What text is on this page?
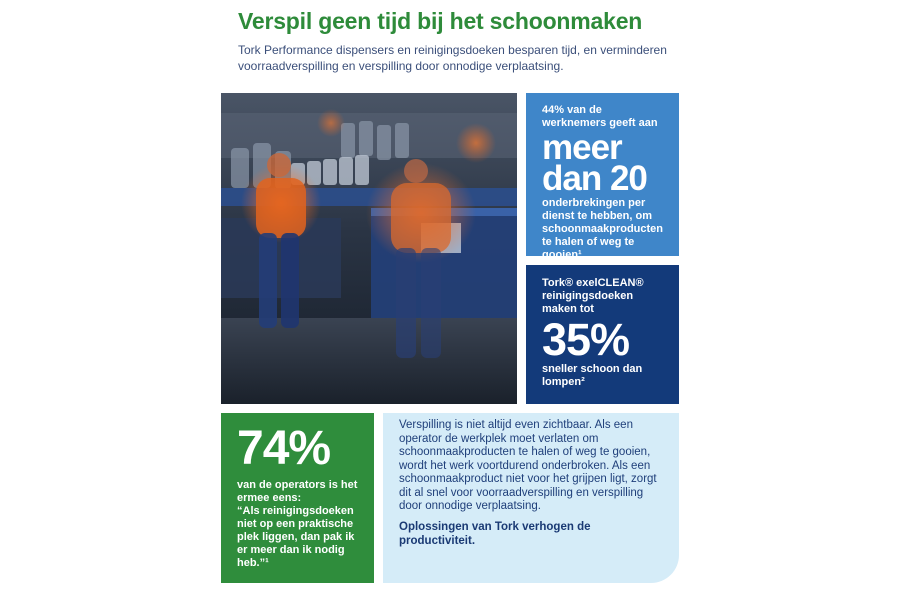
Verspil geen tijd bij het schoonmaken
Tork Performance dispensers en reinigingsdoeken besparen tijd, en verminderen voorraadverspilling en verspilling door onnodige verplaatsing.
44% van de werknemers geeft aan
meer
dan 20
onderbrekingen per dienst te hebben, om schoonmaakproducten te halen of weg te gooien¹
Tork® exelCLEAN® reinigingsdoeken maken tot
35%
sneller schoon dan lompen²
74%
van de operators is het ermee eens:
“Als reinigingsdoeken niet op een praktische plek liggen, dan pak ik er meer dan ik nodig heb.”¹
Verspilling is niet altijd even zichtbaar. Als een operator de werkplek moet verlaten om schoonmaakproducten te halen of weg te gooien, wordt het werk voortdurend onderbroken. Als een schoonmaakproduct niet voor het grijpen ligt, zorgt dit al snel voor voorraadverspilling en verspilling door onnodige verplaatsing.
Oplossingen van Tork verhogen de productiviteit.
